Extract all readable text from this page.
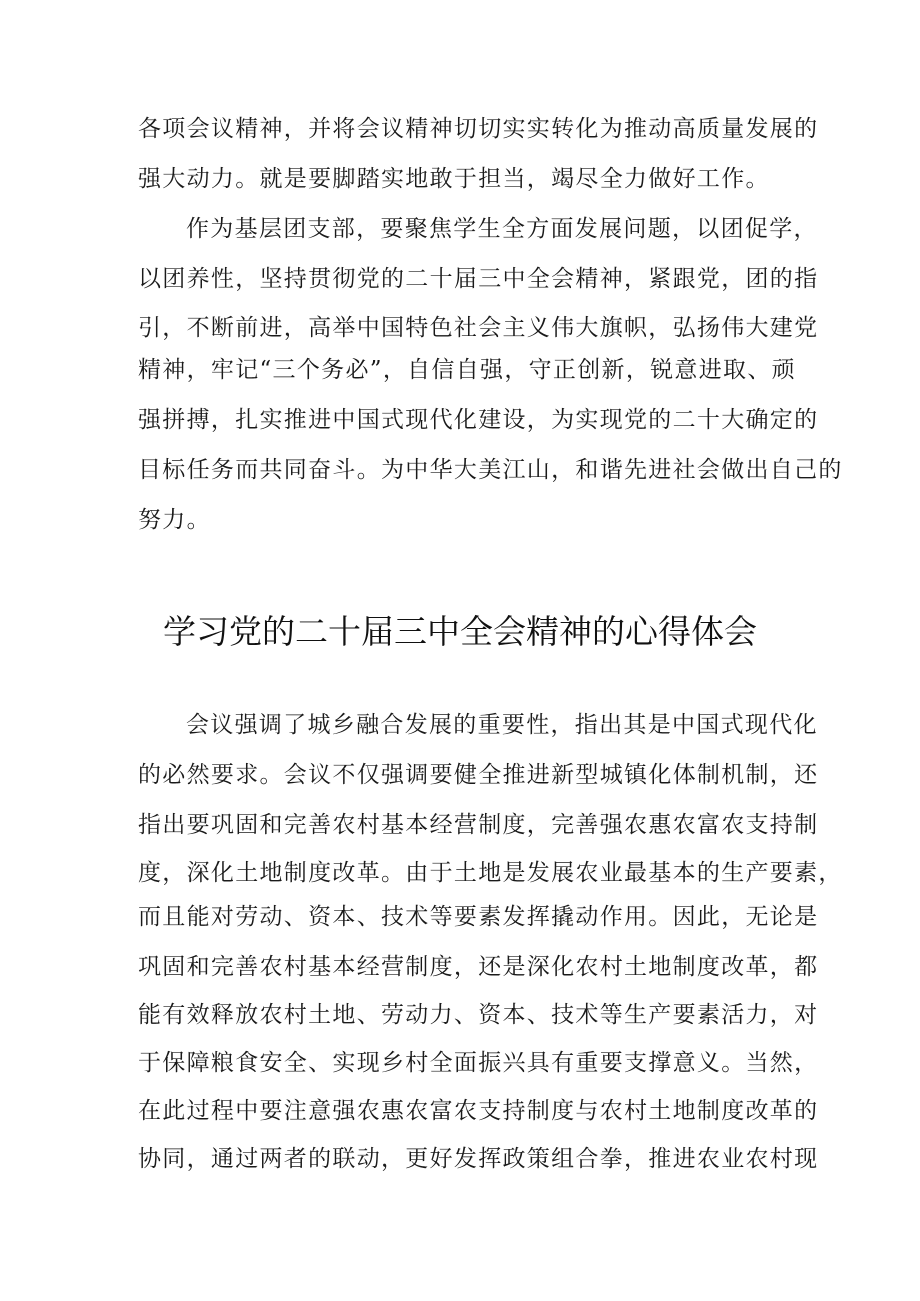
各项会议精神，并将会议精神切切实实转化为推动高质量发展的
强大动力。就是要脚踏实地敢于担当，竭尽全力做好工作。
作为基层团支部，要聚焦学生全方面发展问题，以团促学，
以团养性，坚持贯彻党的二十届三中全会精神，紧跟党，团的指
引，不断前进，高举中国特色社会主义伟大旗帜，弘扬伟大建党
精神，牢记“三个务必”，自信自强，守正创新，锐意进取、顽
强拼搏，扎实推进中国式现代化建设，为实现党的二十大确定的
目标任务而共同奋斗。为中华大美江山，和谐先进社会做出自己的
努力。
学习党的二十届三中全会精神的心得体会
会议强调了城乡融合发展的重要性，指出其是中国式现代化
的必然要求。会议不仅强调要健全推进新型城镇化体制机制，还
指出要巩固和完善农村基本经营制度，完善强农惠农富农支持制
度，深化土地制度改革。由于土地是发展农业最基本的生产要素，
而且能对劳动、资本、技术等要素发挥撬动作用。因此，无论是
巩固和完善农村基本经营制度，还是深化农村土地制度改革，都
能有效释放农村土地、劳动力、资本、技术等生产要素活力，对
于保障粮食安全、实现乡村全面振兴具有重要支撑意义。当然，
在此过程中要注意强农惠农富农支持制度与农村土地制度改革的
协同，通过两者的联动，更好发挥政策组合拳，推进农业农村现
